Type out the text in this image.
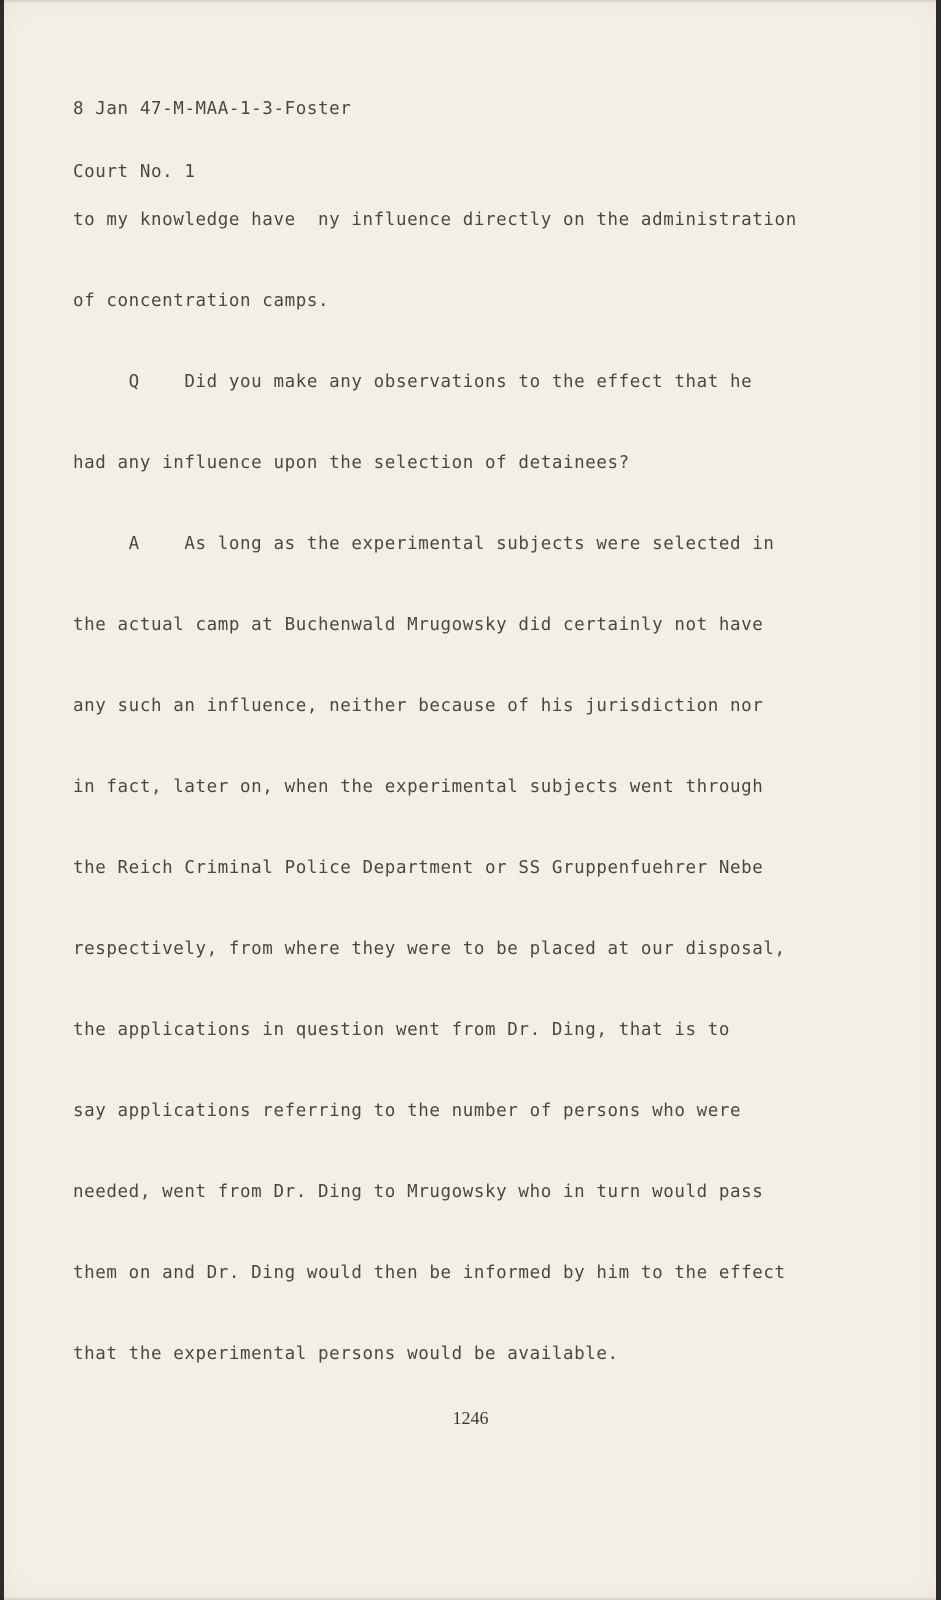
8 Jan 47-M-MAA-1-3-Foster

Court No. 1

to my knowledge have  ny influence directly on the administration

of concentration camps.

Q    Did you make any observations to the effect that he

had any influence upon the selection of detainees?

A    As long as the experimental subjects were selected in

the actual camp at Buchenwald Mrugowsky did certainly not have

any such an influence, neither because of his jurisdiction nor

in fact, later on, when the experimental subjects went through

the Reich Criminal Police Department or SS Gruppenfuehrer Nebe

respectively, from where they were to be placed at our disposal,

the applications in question went from Dr. Ding, that is to

say applications referring to the number of persons who were

needed, went from Dr. Ding to Mrugowsky who in turn would pass

them on and Dr. Ding would then be informed by him to the effect

that the experimental persons would be available.

1246
